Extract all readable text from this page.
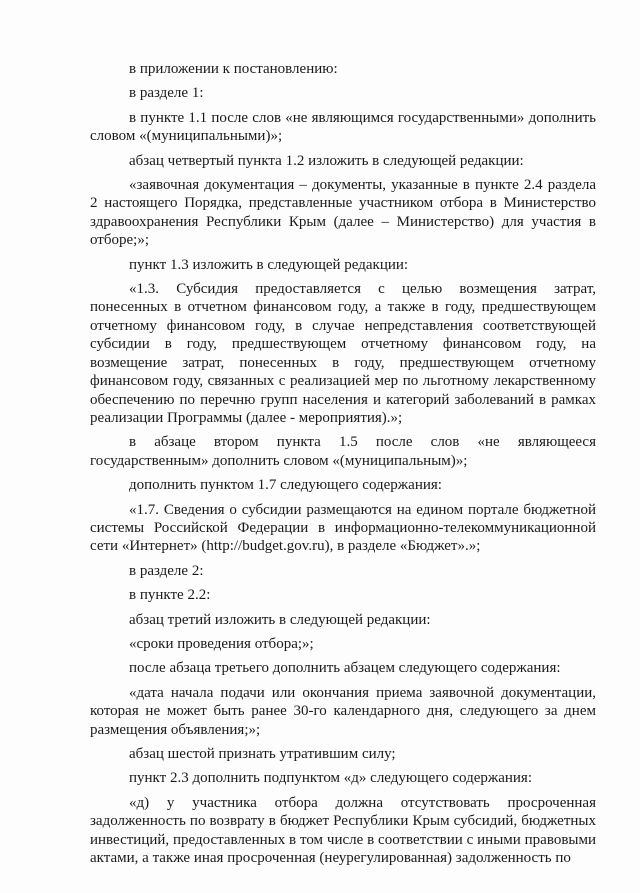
в приложении к постановлению:

в разделе 1:

в пункте 1.1 после слов «не являющимся государственными» дополнить словом «(муниципальными)»;

абзац четвертый пункта 1.2 изложить в следующей редакции:

«заявочная документация – документы, указанные в пункте 2.4 раздела 2 настоящего Порядка, представленные участником отбора в Министерство здравоохранения Республики Крым (далее – Министерство) для участия в отборе;»;

пункт 1.3 изложить в следующей редакции:

«1.3. Субсидия предоставляется с целью возмещения затрат, понесенных в отчетном финансовом году, а также в году, предшествующем отчетному финансовом году, в случае непредставления соответствующей субсидии в году, предшествующем отчетному финансовом году, на возмещение затрат, понесенных в году, предшествующем отчетному финансовом году, связанных с реализацией мер по льготному лекарственному обеспечению по перечню групп населения и категорий заболеваний в рамках реализации Программы (далее - мероприятия).»;

в абзаце втором пункта 1.5 после слов «не являющееся государственным» дополнить словом «(муниципальным)»;

дополнить пунктом 1.7 следующего содержания:

«1.7. Сведения о субсидии размещаются на едином портале бюджетной системы Российской Федерации в информационно-телекоммуникационной сети «Интернет» (http://budget.gov.ru), в разделе «Бюджет».»;

в разделе 2:

в пункте 2.2:

абзац третий изложить в следующей редакции:

«сроки проведения отбора;»;

после абзаца третьего дополнить абзацем следующего содержания:

«дата начала подачи или окончания приема заявочной документации, которая не может быть ранее 30-го календарного дня, следующего за днем размещения объявления;»;

абзац шестой признать утратившим силу;

пункт 2.3 дополнить подпунктом «д» следующего содержания:

«д) у участника отбора должна отсутствовать просроченная задолженность по возврату в бюджет Республики Крым субсидий, бюджетных инвестиций, предоставленных в том числе в соответствии с иными правовыми актами, а также иная просроченная (неурегулированная) задолженность по
